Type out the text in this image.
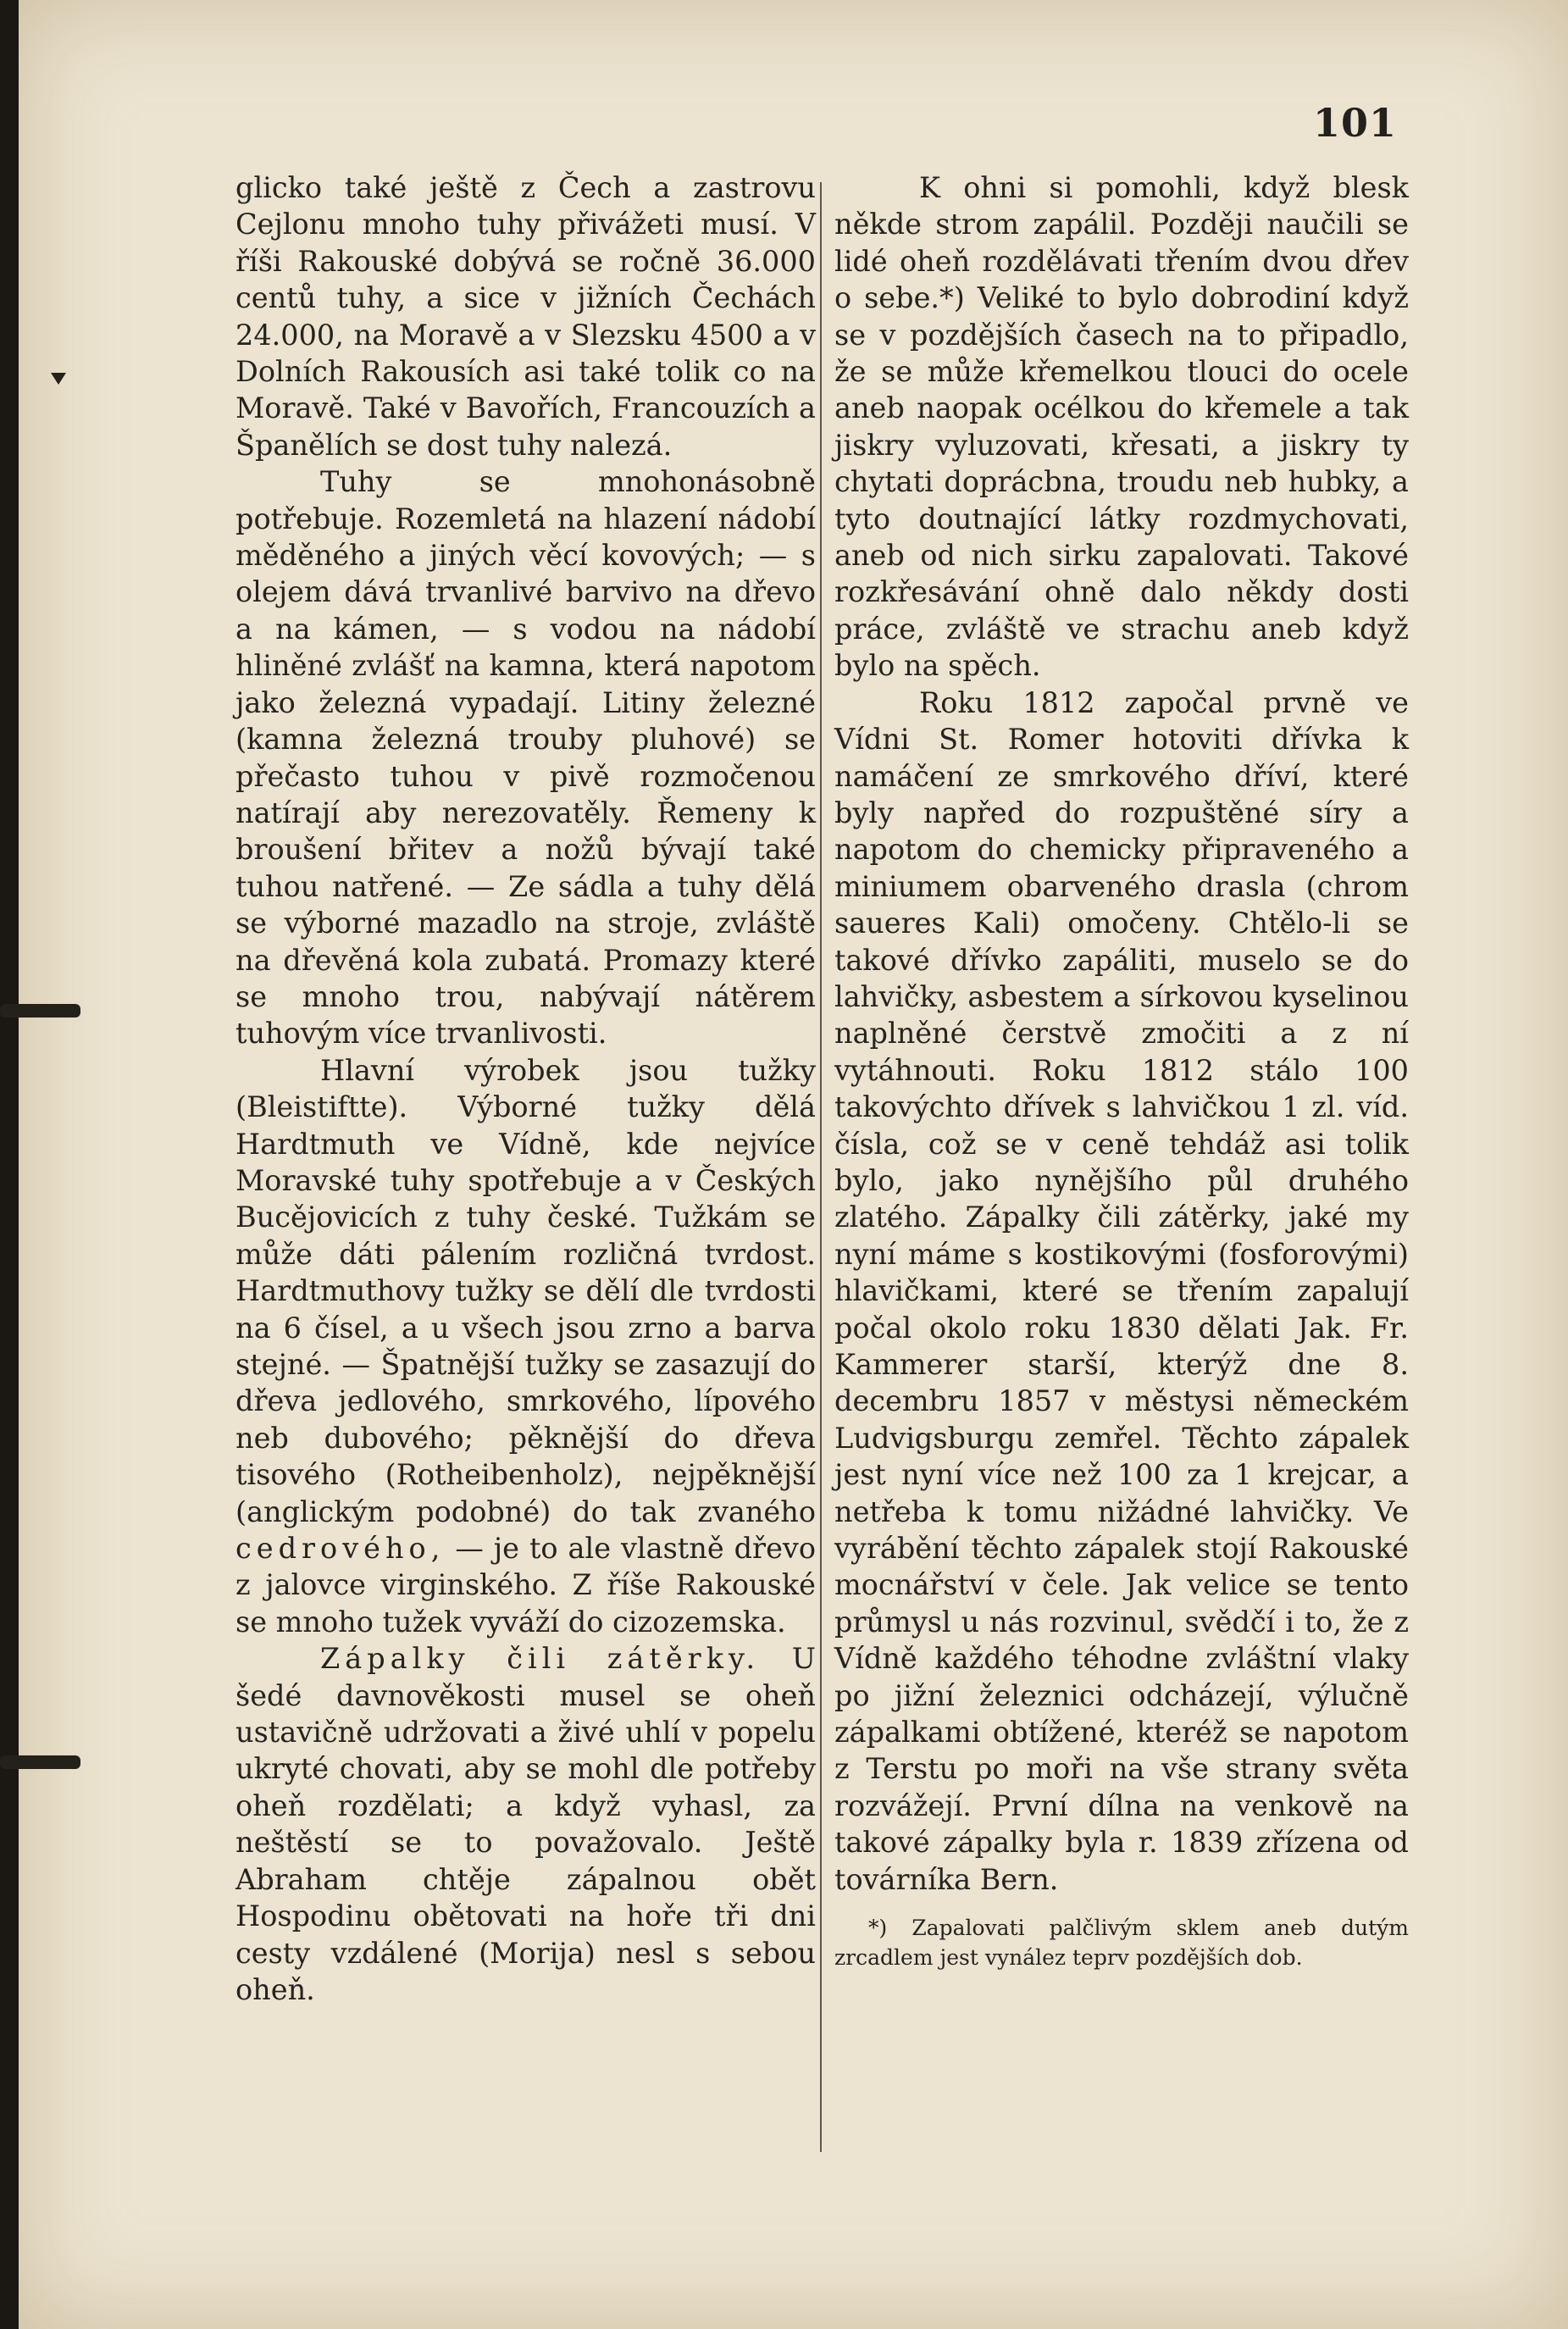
101

glicko také ještě z Čech a zastrovu Cejlonu mnoho tuhy přivážeti musí. V říši Rakouské dobývá se ročně 36.000 centů tuhy, a sice v jižních Čechách 24.000, na Moravě a v Slezsku 4500 a v Dolních Rakousích asi také tolik co na Moravě. Také v Bavořích, Francouzích a Španělích se dost tuhy nalezá.

Tuhy se mnohonásobně potřebuje. Rozemletá na hlazení nádobí měděného a jiných věcí kovových; — s olejem dává trvanlivé barvivo na dřevo a na kámen, — s vodou na nádobí hliněné zvlášť na kamna, která napotom jako železná vypadají. Litiny železné (kamna železná trouby pluhové) se přečasto tuhou v pivě rozmočenou natírají aby nerezovatěly. Řemeny k broušení břitev a nožů bývají také tuhou natřené. — Ze sádla a tuhy dělá se výborné mazadlo na stroje, zvláště na dřevěná kola zubatá. Promazy které se mnoho trou, nabývají nátěrem tuhovým více trvanlivosti.

Hlavní výrobek jsou tužky (Bleistiftte). Výborné tužky dělá Hardtmuth ve Vídně, kde nejvíce Moravské tuhy spotřebuje a v Českých Bucějovicích z tuhy české. Tužkám se může dáti pálením rozličná tvrdost. Hardtmuthovy tužky se dělí dle tvrdosti na 6 čísel, a u všech jsou zrno a barva stejné. — Špatnější tužky se zasazují do dřeva jedlového, smrkového, lípového neb dubového; pěknější do dřeva tisového (Rotheibenholz), nejpěknější (anglickým podobné) do tak zvaného cedrového, — je to ale vlastně dřevo z jalovce virginského. Z říše Rakouské se mnoho tužek vyváží do cizozemska.

Zápalky čili zátěrky. U šedé davnověkosti musel se oheň ustavičně udržovati a živé uhlí v popelu ukryté chovati, aby se mohl dle potřeby oheň rozdělati; a když vyhasl, za neštěstí se to považovalo. Ještě Abraham chtěje zápalnou obět Hospodinu obětovati na hoře tři dni cesty vzdálené (Morija) nesl s sebou oheň.

K ohni si pomohli, když blesk někde strom zapálil. Později naučili se lidé oheň rozdělávati třením dvou dřev o sebe.*) Veliké to bylo dobrodiní když se v pozdějších časech na to připadlo, že se může křemelkou tlouci do ocele aneb naopak océlkou do křemele a tak jiskry vyluzovati, křesati, a jiskry ty chytati doprácbna, troudu neb hubky, a tyto doutnající látky rozdmychovati, aneb od nich sirku zapalovati. Takové rozkřesávání ohně dalo někdy dosti práce, zvláště ve strachu aneb když bylo na spěch.

Roku 1812 započal prvně ve Vídni St. Romer hotoviti dřívka k namáčení ze smrkového dříví, které byly napřed do rozpuštěné síry a napotom do chemicky připraveného a miniumem obarveného drasla (chrom saueres Kali) omočeny. Chtělo-li se takové dřívko zapáliti, muselo se do lahvičky, asbestem a sírkovou kyselinou naplněné čerstvě zmočiti a z ní vytáhnouti. Roku 1812 stálo 100 takovýchto dřívek s lahvičkou 1 zl. víd. čísla, což se v ceně tehdáž asi tolik bylo, jako nynějšího půl druhého zlatého. Zápalky čili zátěrky, jaké my nyní máme s kostikovými (fosforovými) hlavičkami, které se třením zapalují počal okolo roku 1830 dělati Jak. Fr. Kammerer starší, kterýž dne 8. decembru 1857 v městysi německém Ludvigsburgu zemřel. Těchto zápalek jest nyní více než 100 za 1 krejcar, a netřeba k tomu nižádné lahvičky. Ve vyrábění těchto zápalek stojí Rakouské mocnářství v čele. Jak velice se tento průmysl u nás rozvinul, svědčí i to, že z Vídně každého téhodne zvláštní vlaky po jižní železnici odcházejí, výlučně zápalkami obtížené, kteréž se napotom z Terstu po moři na vše strany světa rozvážejí. První dílna na venkově na takové zápalky byla r. 1839 zřízena od továrníka Bern.

*) Zapalovati palčlivým sklem aneb dutým zrcadlem jest vynález teprv pozdějších dob.
